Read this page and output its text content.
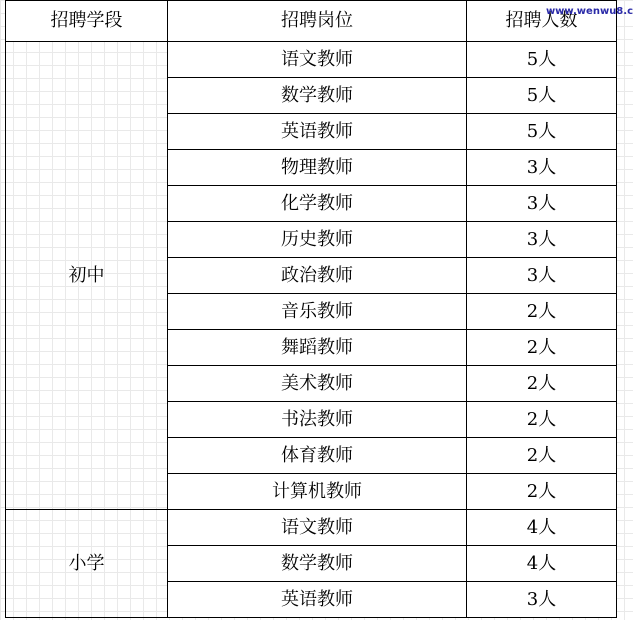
招聘学段	招聘岗位	招聘人数
初中	语文教师	5人
	数学教师	5人
	英语教师	5人
	物理教师	3人
	化学教师	3人
	历史教师	3人
	政治教师	3人
	音乐教师	2人
	舞蹈教师	2人
	美术教师	2人
	书法教师	2人
	体育教师	2人
	计算机教师	2人
小学	语文教师	4人
	数学教师	4人
	英语教师	3人
www.wenwu8.c
